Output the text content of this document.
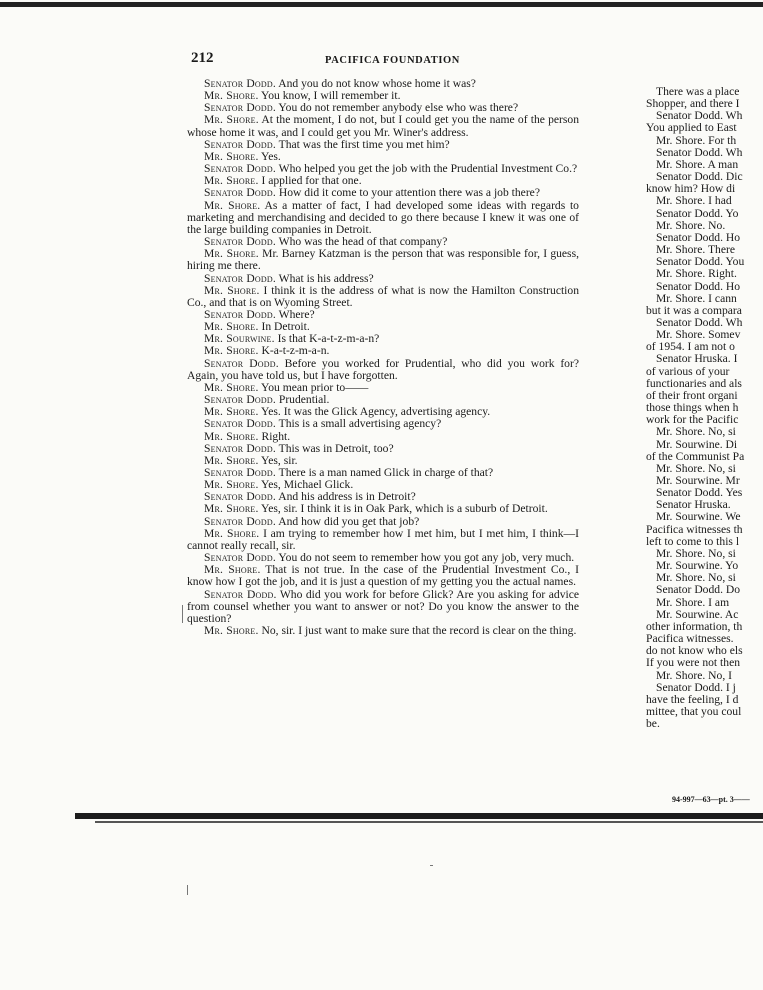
212	PACIFICA FOUNDATION
Senator Dodd. And you do not know whose home it was?
Mr. Shore. You know, I will remember it.
Senator Dodd. You do not remember anybody else who was there?
Mr. Shore. At the moment, I do not, but I could get you the name of the person whose home it was, and I could get you Mr. Winer's address.
Senator Dodd. That was the first time you met him?
Mr. Shore. Yes.
Senator Dodd. Who helped you get the job with the Prudential Investment Co.?
Mr. Shore. I applied for that one.
Senator Dodd. How did it come to your attention there was a job there?
Mr. Shore. As a matter of fact, I had developed some ideas with regards to marketing and merchandising and decided to go there because I knew it was one of the large building companies in Detroit.
Senator Dodd. Who was the head of that company?
Mr. Shore. Mr. Barney Katzman is the person that was responsible for, I guess, hiring me there.
Senator Dodd. What is his address?
Mr. Shore. I think it is the address of what is now the Hamilton Construction Co., and that is on Wyoming Street.
Senator Dodd. Where?
Mr. Shore. In Detroit.
Mr. Sourwine. Is that K-a-t-z-m-a-n?
Mr. Shore. K-a-t-z-m-a-n.
Senator Dodd. Before you worked for Prudential, who did you work for? Again, you have told us, but I have forgotten.
Mr. Shore. You mean prior to——
Senator Dodd. Prudential.
Mr. Shore. Yes. It was the Glick Agency, advertising agency.
Senator Dodd. This is a small advertising agency?
Mr. Shore. Right.
Senator Dodd. This was in Detroit, too?
Mr. Shore. Yes, sir.
Senator Dodd. There is a man named Glick in charge of that?
Mr. Shore. Yes, Michael Glick.
Senator Dodd. And his address is in Detroit?
Mr. Shore. Yes, sir. I think it is in Oak Park, which is a suburb of Detroit.
Senator Dodd. And how did you get that job?
Mr. Shore. I am trying to remember how I met him, but I met him, I think—I cannot really recall, sir.
Senator Dodd. You do not seem to remember how you got any job, very much.
Mr. Shore. That is not true. In the case of the Prudential Investment Co., I know how I got the job, and it is just a question of my getting you the actual names.
Senator Dodd. Who did you work for before Glick? Are you asking for advice from counsel whether you want to answer or not? Do you know the answer to the question?
Mr. Shore. No, sir. I just want to make sure that the record is clear on the thing.
There was a place
Shopper, and there I
Senator Dodd. Wh
You applied to East
Mr. Shore. For th
Senator Dodd. Wh
Mr. Shore. A man
Senator Dodd. Dic
know him? How di
Mr. Shore. I had
Senator Dodd. Yo
Mr. Shore. No.
Senator Dodd. Ho
Mr. Shore. There
Senator Dodd. You
Mr. Shore. Right.
Senator Dodd. Ho
Mr. Shore. I cann
but it was a compara
Senator Dodd. Wh
Mr. Shore. Somev
of 1954. I am not o
Senator Hruska. I
of various of your
functionaries and als
of their front organi
those things when h
work for the Pacific
Mr. Shore. No, si
Mr. Sourwine. Di
of the Communist Pa
Mr. Shore. No, si
Mr. Sourwine. Mr
Senator Dodd. Yes
Senator Hruska.
Mr. Sourwine. We
Pacifica witnesses th
left to come to this l
Mr. Shore. No, si
Mr. Sourwine. Yo
Mr. Shore. No, si
Senator Dodd. Do
Mr. Shore. I am
Mr. Sourwine. Ac
other information, th
Pacifica witnesses.
do not know who els
If you were not then
Mr. Shore. No, I
Senator Dodd. I j
have the feeling, I d
mittee, that you coul
be.
94-997—63—pt. 3——
